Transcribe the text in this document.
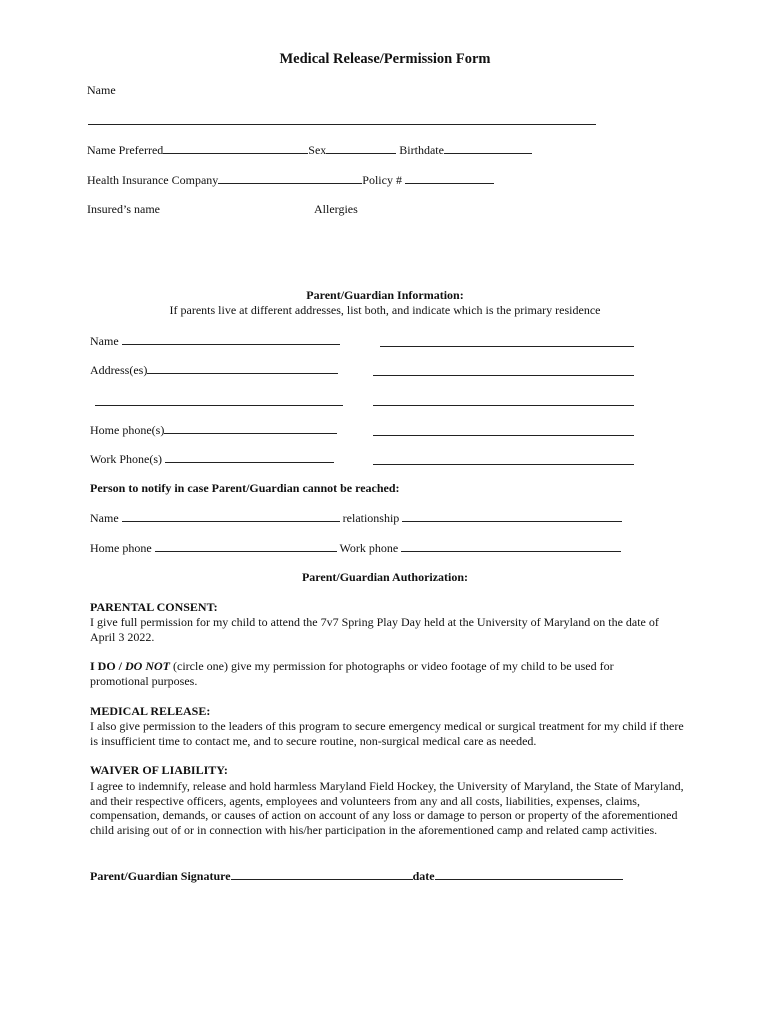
Medical Release/Permission Form
Name
Name Preferred	Sex	Birthdate
Health Insurance Company	Policy #
Insured’s name	Allergies
Parent/Guardian Information:
If parents live at different addresses, list both, and indicate which is the primary residence
Name
Address(es)
Home phone(s)
Work Phone(s)
Person to notify in case Parent/Guardian cannot be reached:
Name	relationship
Home phone	Work phone
Parent/Guardian Authorization:
PARENTAL CONSENT:
I give full permission for my child to attend the 7v7 Spring Play Day held at the University of Maryland on the date of April 3 2022.
I DO / DO NOT (circle one) give my permission for photographs or video footage of my child to be used for promotional purposes.
MEDICAL RELEASE:
I also give permission to the leaders of this program to secure emergency medical or surgical treatment for my child if there is insufficient time to contact me, and to secure routine, non-surgical medical care as needed.
WAIVER OF LIABILITY:
I agree to indemnify, release and hold harmless Maryland Field Hockey, the University of Maryland, the State of Maryland, and their respective officers, agents, employees and volunteers from any and all costs, liabilities, expenses, claims, compensation, demands, or causes of action on account of any loss or damage to person or property of the aforementioned child arising out of or in connection with his/her participation in the aforementioned camp and related camp activities.
Parent/Guardian Signature	date
